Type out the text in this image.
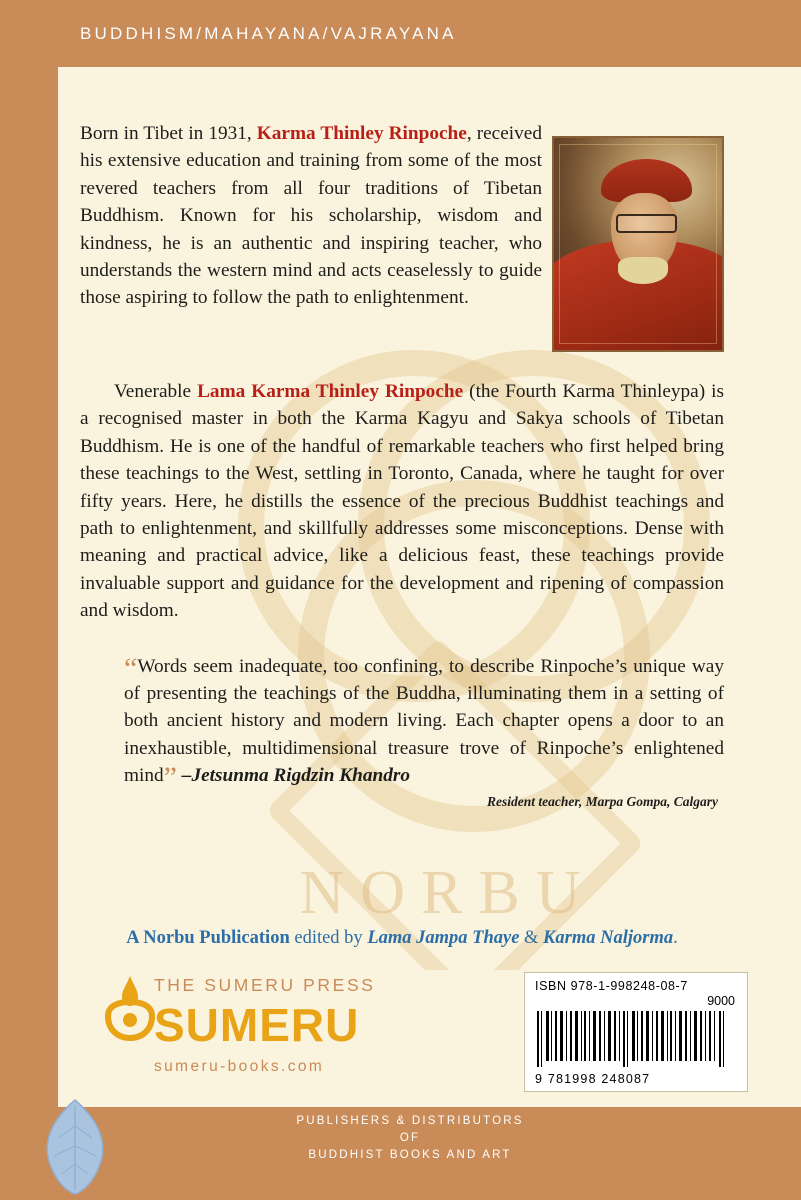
BUDDHISM/MAHAYANA/VAJRAYANA
NORBU

Born in Tibet in 1931, Karma Thinley Rinpoche, received his extensive education and training from some of the most revered teachers from all four traditions of Tibetan Buddhism. Known for his scholarship, wisdom and kindness, he is an authentic and inspiring teacher, who understands the western mind and acts ceaselessly to guide those aspiring to follow the path to enlightenment.

Venerable Lama Karma Thinley Rinpoche (the Fourth Karma Thinleypa) is a recognised master in both the Karma Kagyu and Sakya schools of Tibetan Buddhism. He is one of the handful of remarkable teachers who first helped bring these teachings to the West, settling in Toronto, Canada, where he taught for over fifty years. Here, he distills the essence of the precious Buddhist teachings and path to enlightenment, and skillfully addresses some misconceptions. Dense with meaning and practical advice, like a delicious feast, these teachings provide invaluable support and guidance for the development and ripening of compassion and wisdom.

“Words seem inadequate, too confining, to describe Rinpoche’s unique way of presenting the teachings of the Buddha, illuminating them in a setting of both ancient history and modern living. Each chapter opens a door to an inexhaustible, multidimensional treasure trove of Rinpoche’s enlightened mind” –Jetsunma Rigdzin Khandro

Resident teacher, Marpa Gompa, Calgary
A Norbu Publication edited by Lama Jampa Thaye & Karma Naljorma.
THE SUMERU PRESS
SUMERU
sumeru-books.com
ISBN 978-1-998248-08-7
9000
9 781998 248087
PUBLISHERS & DISTRIBUTORS
OF
BUDDHIST BOOKS AND ART
